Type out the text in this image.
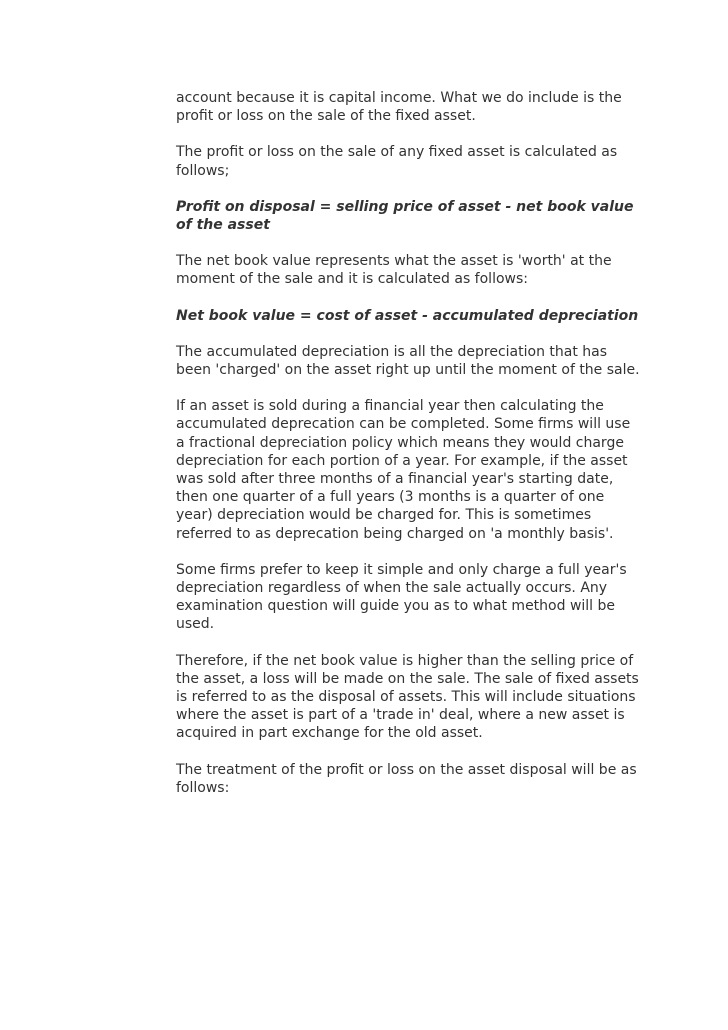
account because it is capital income. What we do include is the profit or loss on the sale of the fixed asset.

The profit or loss on the sale of any fixed asset is calculated as follows;

Profit on disposal = selling price of asset - net book value of the asset

The net book value represents what the asset is 'worth' at the moment of the sale and it is calculated as follows:

Net book value = cost of asset - accumulated depreciation

The accumulated depreciation is all the depreciation that has been 'charged' on the asset right up until the moment of the sale.

If an asset is sold during a financial year then calculating the accumulated deprecation can be completed. Some firms will use a fractional depreciation policy which means they would charge depreciation for each portion of a year. For example, if the asset was sold after three months of a financial year's starting date, then one quarter of a full years (3 months is a quarter of one year) depreciation would be charged for. This is sometimes referred to as deprecation being charged on 'a monthly basis'.

Some firms prefer to keep it simple and only charge a full year's depreciation regardless of when the sale actually occurs. Any examination question will guide you as to what method will be used.

Therefore, if the net book value is higher than the selling price of the asset, a loss will be made on the sale. The sale of fixed assets is referred to as the disposal of assets. This will include situations where the asset is part of a 'trade in' deal, where a new asset is acquired in part exchange for the old asset.

The treatment of the profit or loss on the asset disposal will be as follows:
